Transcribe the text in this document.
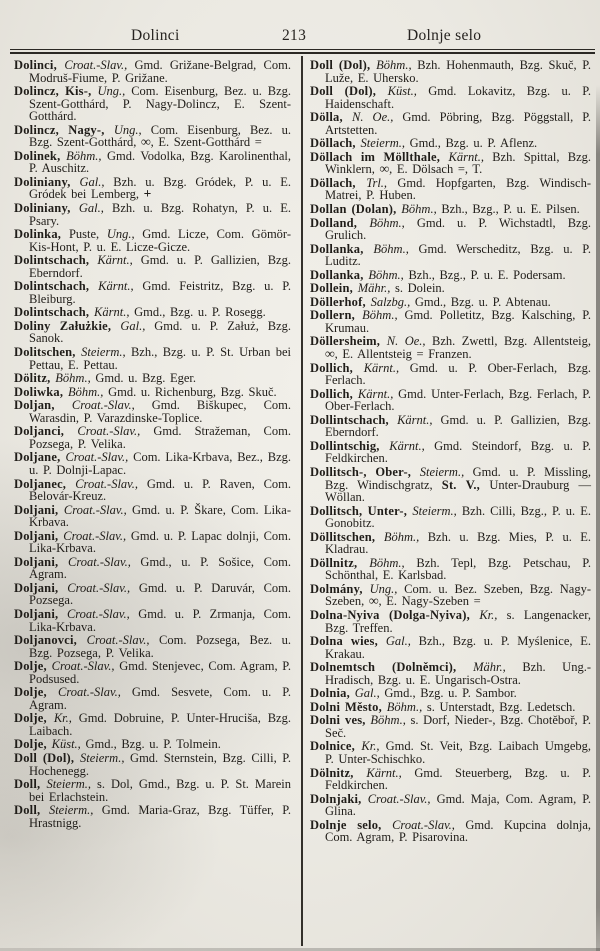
Dolinci	213	Dolnje selo

Dolinci, Croat.-Slav., Gmd. Grižane-Belgrad, Com. Modruš-Fiume, P. Grižane.

Dolincz, Kis-, Ung., Com. Eisenburg, Bez. u. Bzg. Szent-Gotthárd, P. Nagy-Dolincz, E. Szent-Gotthárd.

Dolincz, Nagy-, Ung., Com. Eisenburg, Bez. u. Bzg. Szent-Gotthárd, ∞, E. Szent-Gotthárd =

Dolinek, Böhm., Gmd. Vodolka, Bzg. Karolinenthal, P. Auschitz.

Doliniany, Gal., Bzh. u. Bzg. Gródek, P. u. E. Gródek bei Lemberg, +

Doliniany, Gal., Bzh. u. Bzg. Rohatyn, P. u. E. Psary.

Dolinka, Puste, Ung., Gmd. Licze, Com. Gömör-Kis-Hont, P. u. E. Licze-Gicze.

Dolintschach, Kärnt., Gmd. u. P. Gallizien, Bzg. Eberndorf.

Dolintschach, Kärnt., Gmd. Feistritz, Bzg. u. P. Bleiburg.

Dolintschach, Kärnt., Gmd., Bzg. u. P. Rosegg.

Doliny Załużkie, Gal., Gmd. u. P. Załuż, Bzg. Sanok.

Dolitschen, Steierm., Bzh., Bzg. u. P. St. Urban bei Pettau, E. Pettau.

Dölitz, Böhm., Gmd. u. Bzg. Eger.

Doliwka, Böhm., Gmd. u. Richenburg, Bzg. Skuč.

Doljan, Croat.-Slav., Gmd. Biškupec, Com. Warasdin, P. Varazdinske-Toplice.

Doljanci, Croat.-Slav., Gmd. Stražeman, Com. Pozsega, P. Velika.

Doljane, Croat.-Slav., Com. Lika-Krbava, Bez., Bzg. u. P. Dolnji-Lapac.

Doljanec, Croat.-Slav., Gmd. u. P. Raven, Com. Belovár-Kreuz.

Doljani, Croat.-Slav., Gmd. u. P. Škare, Com. Lika-Krbava.

Doljani, Croat.-Slav., Gmd. u. P. Lapac dolnji, Com. Lika-Krbava.

Doljani, Croat.-Slav., Gmd., u. P. Sošice, Com. Agram.

Doljani, Croat.-Slav., Gmd. u. P. Daruvár, Com. Pozsega.

Doljani, Croat.-Slav., Gmd. u. P. Zrmanja, Com. Lika-Krbava.

Doljanovci, Croat.-Slav., Com. Pozsega, Bez. u. Bzg. Pozsega, P. Velika.

Dolje, Croat.-Slav., Gmd. Stenjevec, Com. Agram, P. Podsused.

Dolje, Croat.-Slav., Gmd. Sesvete, Com. u. P. Agram.

Dolje, Kr., Gmd. Dobruine, P. Unter-Hruciša, Bzg. Laibach.

Dolje, Küst., Gmd., Bzg. u. P. Tolmein.

Doll (Dol), Steierm., Gmd. Sternstein, Bzg. Cilli, P. Hochenegg.

Doll, Steierm., s. Dol, Gmd., Bzg. u. P. St. Marein bei Erlachstein.

Doll, Steierm., Gmd. Maria-Graz, Bzg. Tüffer, P. Hrastnigg.

Doll (Dol), Böhm., Bzh. Hohenmauth, Bzg. Skuč, P. Luže, E. Uhersko.

Doll (Dol), Küst., Gmd. Lokavitz, Bzg. u. P. Haidenschaft.

Dölla, N. Oe., Gmd. Pöbring, Bzg. Pöggstall, P. Artstetten.

Döllach, Steierm., Gmd., Bzg. u. P. Aflenz.

Döllach im Möllthale, Kärnt., Bzh. Spittal, Bzg. Winklern, ∞, E. Dölsach =, T.

Döllach, Trl., Gmd. Hopfgarten, Bzg. Windisch-Matrei, P. Huben.

Dollan (Dolan), Böhm., Bzh., Bzg., P. u. E. Pilsen.

Dolland, Böhm., Gmd. u. P. Wichstadtl, Bzg. Grulich.

Dollanka, Böhm., Gmd. Werscheditz, Bzg. u. P. Luditz.

Dollanka, Böhm., Bzh., Bzg., P. u. E. Podersam.

Dollein, Mähr., s. Dolein.

Döllerhof, Salzbg., Gmd., Bzg. u. P. Abtenau.

Dollern, Böhm., Gmd. Polletitz, Bzg. Kalsching, P. Krumau.

Döllersheim, N. Oe., Bzh. Zwettl, Bzg. Allentsteig, ∞, E. Allentsteig = Franzen.

Dollich, Kärnt., Gmd. u. P. Ober-Ferlach, Bzg. Ferlach.

Dollich, Kärnt., Gmd. Unter-Ferlach, Bzg. Ferlach, P. Ober-Ferlach.

Dollintschach, Kärnt., Gmd. u. P. Gallizien, Bzg. Eberndorf.

Dollintschig, Kärnt., Gmd. Steindorf, Bzg. u. P. Feldkirchen.

Dollitsch-, Ober-, Steierm., Gmd. u. P. Missling, Bzg. Windischgratz, St. V., Unter-Drauburg — Wöllan.

Dollitsch, Unter-, Steierm., Bzh. Cilli, Bzg., P. u. E. Gonobitz.

Döllitschen, Böhm., Bzh. u. Bzg. Mies, P. u. E. Kladrau.

Döllnitz, Böhm., Bzh. Tepl, Bzg. Petschau, P. Schönthal, E. Karlsbad.

Dolmány, Ung., Com. u. Bez. Szeben, Bzg. Nagy-Szeben, ∞, E. Nagy-Szeben =

Dolna-Nyiva (Dolga-Nyiva), Kr., s. Langenacker, Bzg. Treffen.

Dolna wies, Gal., Bzh., Bzg. u. P. Myślenice, E. Krakau.

Dolnemtsch (Dolněmci), Mähr., Bzh. Ung.-Hradisch, Bzg. u. E. Ungarisch-Ostra.

Dolnia, Gal., Gmd., Bzg. u. P. Sambor.

Dolni Město, Böhm., s. Unterstadt, Bzg. Ledetsch.

Dolni ves, Böhm., s. Dorf, Nieder-, Bzg. Chotěboř, P. Seč.

Dolnice, Kr., Gmd. St. Veit, Bzg. Laibach Umgebg, P. Unter-Schischko.

Dölnitz, Kärnt., Gmd. Steuerberg, Bzg. u. P. Feldkirchen.

Dolnjaki, Croat.-Slav., Gmd. Maja, Com. Agram, P. Glina.

Dolnje selo, Croat.-Slav., Gmd. Kupcina dolnja, Com. Agram, P. Pisarovina.
